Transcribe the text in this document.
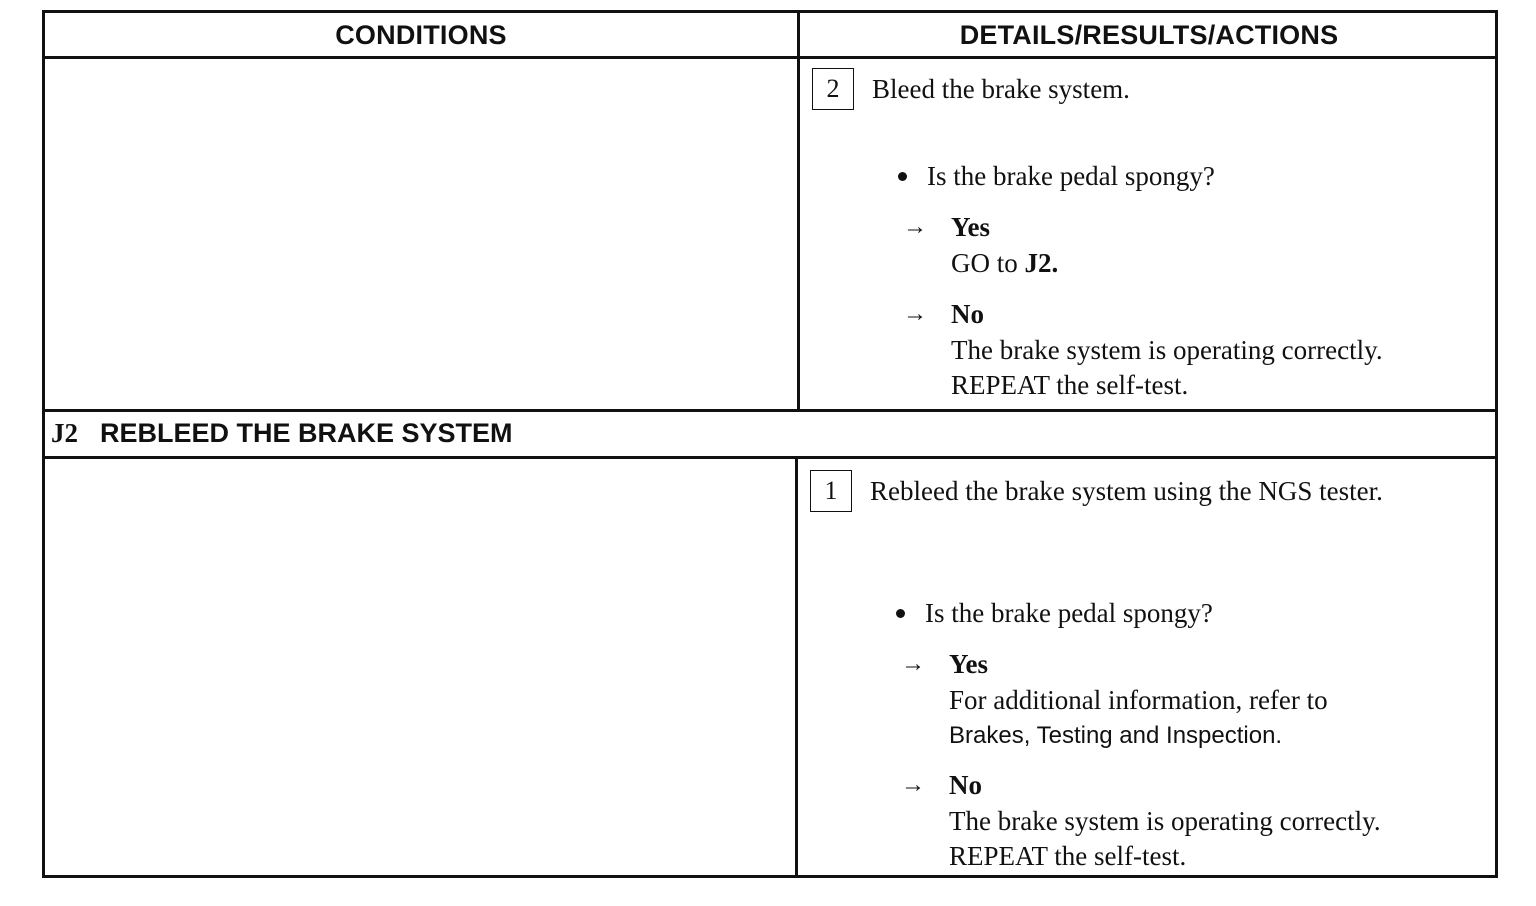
CONDITIONS	DETAILS/RESULTS/ACTIONS
2	Bleed the brake system.
Is the brake pedal spongy?
→ Yes
GO to J2.
→ No
The brake system is operating correctly.
REPEAT the self-test.
J2 REBLEED THE BRAKE SYSTEM
1	Rebleed the brake system using the NGS tester.
Is the brake pedal spongy?
→ Yes
For additional information, refer to
Brakes, Testing and Inspection.
→ No
The brake system is operating correctly.
REPEAT the self-test.
